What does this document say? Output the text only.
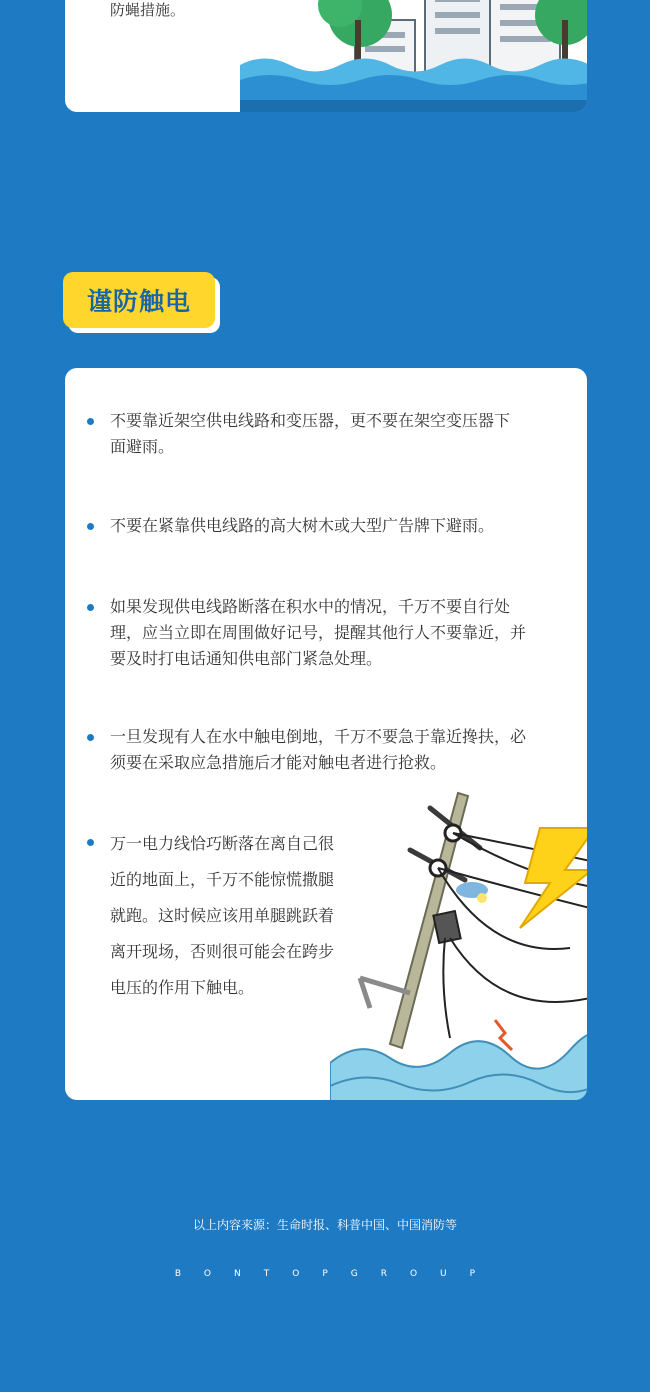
防蝇措施。
谨防触电
不要靠近架空供电线路和变压器，更不要在架空变压器下
面避雨。
不要在紧靠供电线路的高大树木或大型广告牌下避雨。
如果发现供电线路断落在积水中的情况，千万不要自行处
理，应当立即在周围做好记号，提醒其他行人不要靠近，并
要及时打电话通知供电部门紧急处理。
一旦发现有人在水中触电倒地，千万不要急于靠近搀扶，必
须要在采取应急措施后才能对触电者进行抢救。
万一电力线恰巧断落在离自己很
近的地面上，千万不能惊慌撒腿
就跑。这时候应该用单腿跳跃着
离开现场，否则很可能会在跨步
电压的作用下触电。
以上内容来源：生命时报、科普中国、中国消防等
BONTOPGROUP
